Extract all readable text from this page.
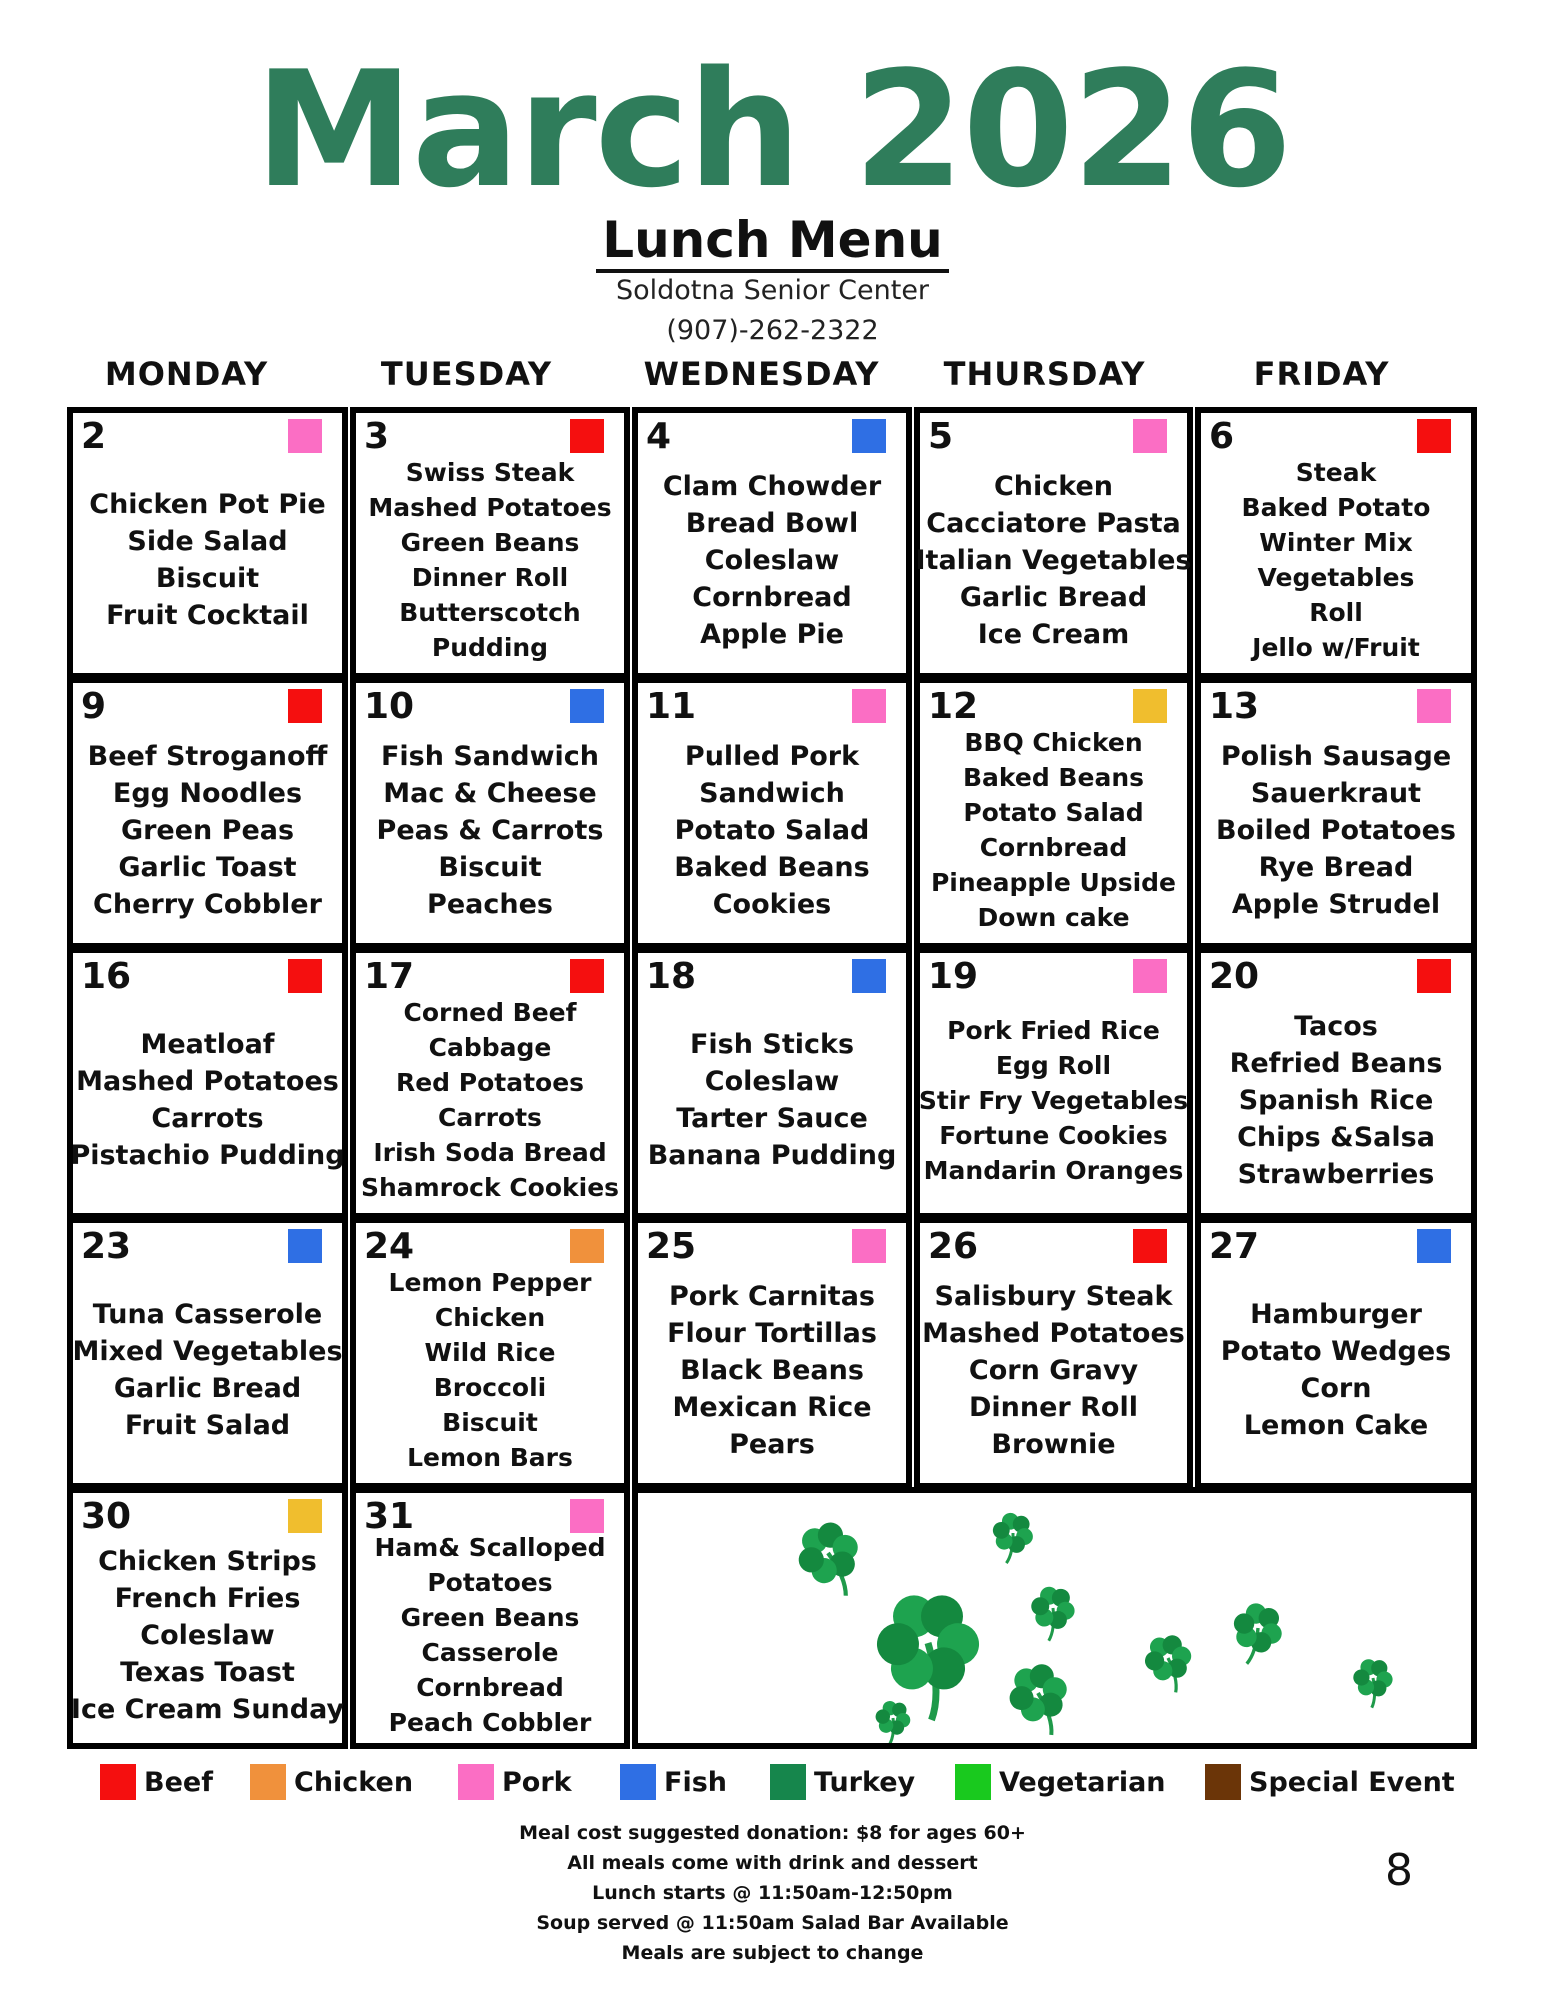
March 2026
Lunch Menu
Soldotna Senior Center
(907)-262-2322
MONDAY	TUESDAY	WEDNESDAY	THURSDAY	FRIDAY
2
Chicken Pot Pie
Side Salad
Biscuit
Fruit Cocktail
3
Swiss Steak
Mashed Potatoes
Green Beans
Dinner Roll
Butterscotch
Pudding
4
Clam Chowder
Bread Bowl
Coleslaw
Cornbread
Apple Pie
5
Chicken
Cacciatore Pasta
Italian Vegetables
Garlic Bread
Ice Cream
6
Steak
Baked Potato
Winter Mix
Vegetables
Roll
Jello w/Fruit
9
Beef Stroganoff
Egg Noodles
Green Peas
Garlic Toast
Cherry Cobbler
10
Fish Sandwich
Mac & Cheese
Peas & Carrots
Biscuit
Peaches
11
Pulled Pork
Sandwich
Potato Salad
Baked Beans
Cookies
12
BBQ Chicken
Baked Beans
Potato Salad
Cornbread
Pineapple Upside
Down cake
13
Polish Sausage
Sauerkraut
Boiled Potatoes
Rye Bread
Apple Strudel
16
Meatloaf
Mashed Potatoes
Carrots
Pistachio Pudding
17
Corned Beef
Cabbage
Red Potatoes
Carrots
Irish Soda Bread
Shamrock Cookies
18
Fish Sticks
Coleslaw
Tarter Sauce
Banana Pudding
19
Pork Fried Rice
Egg Roll
Stir Fry Vegetables
Fortune Cookies
Mandarin Oranges
20
Tacos
Refried Beans
Spanish Rice
Chips &Salsa
Strawberries
23
Tuna Casserole
Mixed Vegetables
Garlic Bread
Fruit Salad
24
Lemon Pepper
Chicken
Wild Rice
Broccoli
Biscuit
Lemon Bars
25
Pork Carnitas
Flour Tortillas
Black Beans
Mexican Rice
Pears
26
Salisbury Steak
Mashed Potatoes
Corn Gravy
Dinner Roll
Brownie
27
Hamburger
Potato Wedges
Corn
Lemon Cake
30
Chicken Strips
French Fries
Coleslaw
Texas Toast
Ice Cream Sunday
31
Ham& Scalloped
Potatoes
Green Beans
Casserole
Cornbread
Peach Cobbler
Beef	Chicken	Pork	Fish	Turkey	Vegetarian	Special Event
Meal cost suggested donation: $8 for ages 60+
All meals come with drink and dessert
Lunch starts @ 11:50am-12:50pm
Soup served @ 11:50am Salad Bar Available
Meals are subject to change
8
